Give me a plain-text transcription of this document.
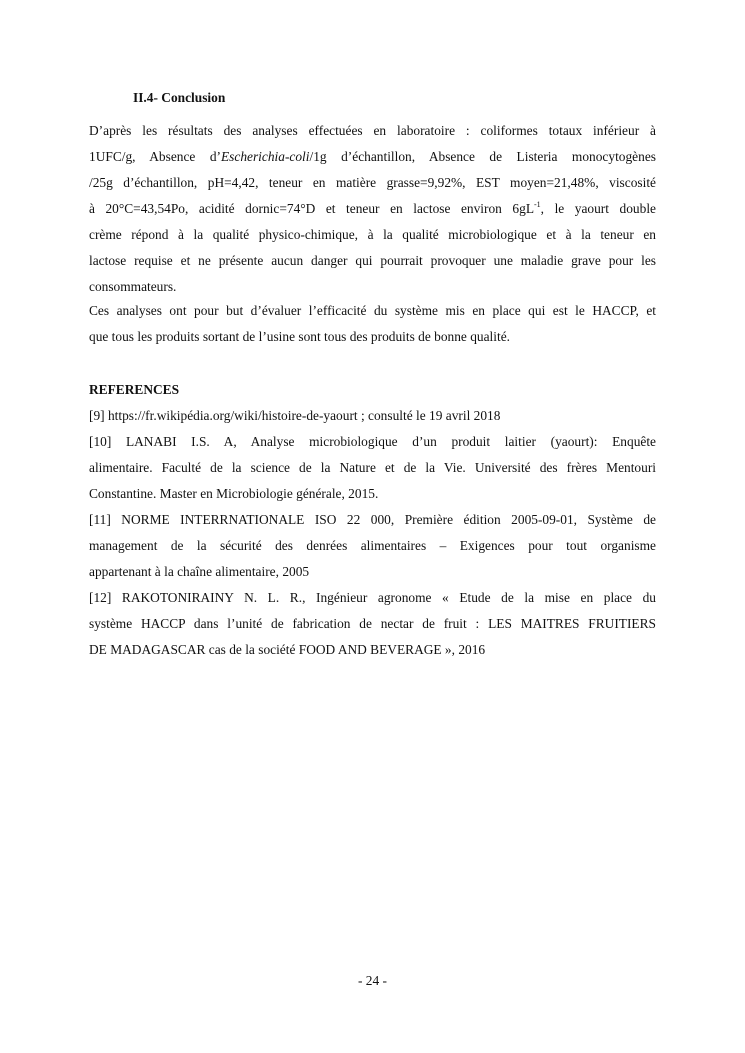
II.4- Conclusion
D’après les résultats des analyses effectuées en laboratoire : coliformes totaux inférieur à
1UFC/g, Absence d’Escherichia-coli/1g d’échantillon, Absence de Listeria monocytogènes
/25g d’échantillon, pH=4,42, teneur en matière grasse=9,92%, EST moyen=21,48%, viscosité
à 20°C=43,54Po, acidité dornic=74°D et teneur en lactose environ $6gL^{-1}$, le yaourt double
crème répond à la qualité physico-chimique, à la qualité microbiologique et à la teneur en
lactose requise et ne présente aucun danger qui pourrait provoquer une maladie grave pour les
consommateurs.
Ces analyses ont pour but d’évaluer l’efficacité du système mis en place qui est le HACCP, et
que tous les produits sortant de l’usine sont tous des produits de bonne qualité.
REFERENCES
[9] https://fr.wikipédia.org/wiki/histoire-de-yaourt ; consulté le 19 avril 2018
[10] LANABI I.S. A, Analyse microbiologique d’un produit laitier (yaourt): Enquête
alimentaire. Faculté de la science de la Nature et de la Vie. Université des frères Mentouri
Constantine. Master en Microbiologie générale, 2015.
[11] NORME INTERRNATIONALE ISO 22 000, Première édition 2005-09-01, Système de
management de la sécurité des denrées alimentaires – Exigences pour tout organisme
appartenant à la chaîne alimentaire, 2005
[12] RAKOTONIRAINY N. L. R., Ingénieur agronome « Etude de la mise en place du
système HACCP dans l’unité de fabrication de nectar de fruit : LES MAITRES FRUITIERS
DE MADAGASCAR cas de la société FOOD AND BEVERAGE », 2016
- 24 -
